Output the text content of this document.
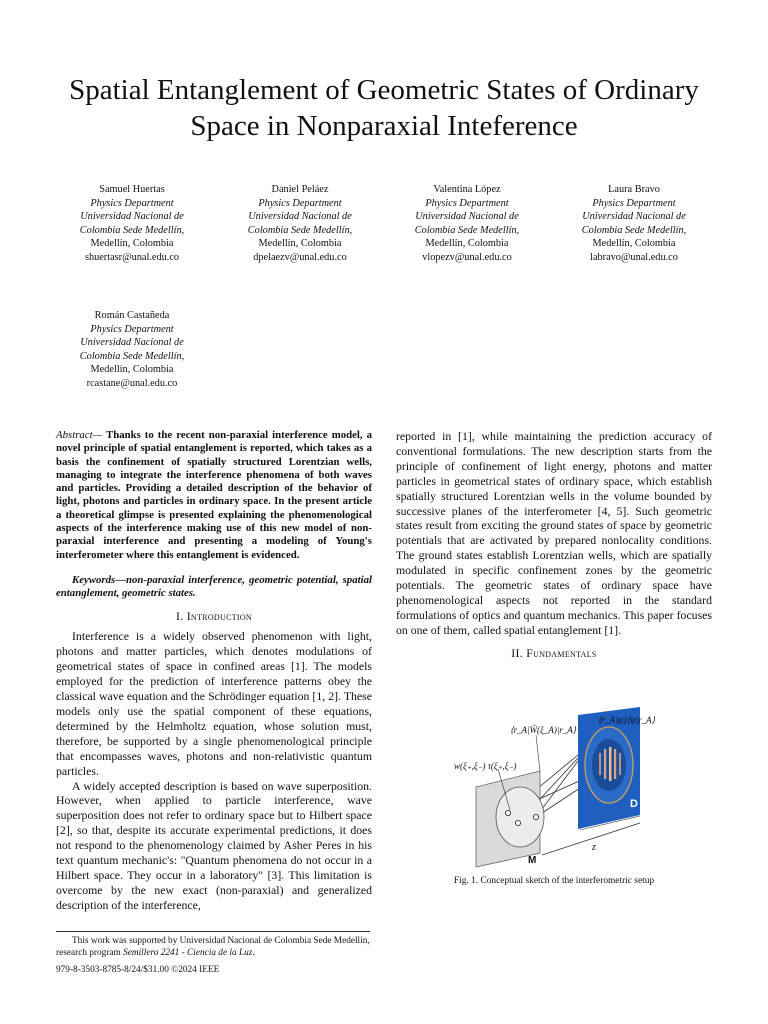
Spatial Entanglement of Geometric States of Ordinary
Space in Nonparaxial Inteference
Samuel Huertas
Physics Department
Universidad Nacional de
Colombia Sede Medellín,
Medellín, Colombia
shuertasr@unal.edu.co
Daniel Peláez
Physics Department
Universidad Nacional de
Colombia Sede Medellín,
Medellín, Colombia
dpelaezv@unal.edu.co
Valentina López
Physics Department
Universidad Nacional de
Colombia Sede Medellín,
Medellín, Colombia
vlopezv@unal.edu.co
Laura Bravo
Physics Department
Universidad Nacional de
Colombia Sede Medellín,
Medellín, Colombia
labravo@unal.edu.co
Román Castañeda
Physics Department
Universidad Nacional de
Colombia Sede Medellín,
Medellín, Colombia
rcastane@unal.edu.co

Abstract— Thanks to the recent non-paraxial interference model, a novel principle of spatial entanglement is reported, which takes as a basis the confinement of spatially structured Lorentzian wells, managing to integrate the interference phenomena of both waves and particles. Providing a detailed description of the behavior of light, photons and particles in ordinary space. In the present article a theoretical glimpse is presented explaining the phenomenological aspects of the interference making use of this new model of non-paraxial interference and presenting a modeling of Young's interferometer where this entanglement is evidenced.

Keywords—non-paraxial interference, geometric potential, spatial entanglement, geometric states.

I. Introduction

Interference is a widely observed phenomenon with light, photons and matter particles, which denotes modulations of geometrical states of space in confined areas [1]. The models employed for the prediction of interference patterns obey the classical wave equation and the Schrödinger equation [1, 2]. These models only use the spatial component of these equations, determined by the Helmholtz equation, whose solution must, therefore, be supported by a single phenomenological principle that encompasses waves, photons and non-relativistic quantum particles.

A widely accepted description is based on wave superposition. However, when applied to particle interference, wave superposition does not refer to ordinary space but to Hilbert space [2], so that, despite its accurate experimental predictions, it does not respond to the phenomenology claimed by Asher Peres in his text quantum mechanic's: "Quantum phenomena do not occur in a Hilbert space. They occur in a laboratory" [3]. This limitation is overcome by the new exact (non-paraxial) and generalized description of the interference,

reported in [1], while maintaining the prediction accuracy of conventional formulations. The new description starts from the principle of confinement of light energy, photons and matter particles in geometrical states of ordinary space, which establish spatially structured Lorentzian wells in the volume bounded by successive planes of the interferometer [4, 5]. Such geometric states result from exciting the ground states of space by geometric potentials that are activated by prepared nonlocality conditions. The ground states establish Lorentzian wells, which are spatially modulated in specific confinement zones by the geometric potentials. The geometric states of ordinary space have phenomenological aspects not reported in the standard formulations of optics and quantum mechanics. This paper focuses on one of them, called spatial entanglement [1].

II. Fundamentals

D
M
z
w(ξ₊,ξ₋) τ(ξ₊,ξ₋)
⟨r_A|Ŵ(ξ_A)|r_A⟩
⟨r_A|ψ⟩⟨ψ|r_A⟩
Fig. 1. Conceptual sketch of the interferometric setup

This work was supported by Universidad Nacional de Colombia Sede Medellín, research program Semillero 2241 - Ciencia de la Luz.

979-8-3503-8785-8/24/$31.00 ©2024 IEEE
